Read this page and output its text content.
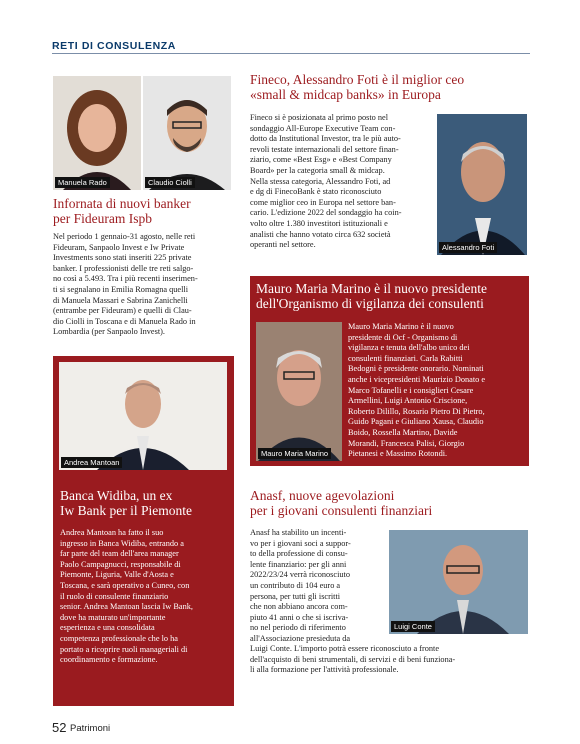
RETI DI CONSULENZA
Manuela Rado	Claudio Ciolli
Infornata di nuovi banker
per Fideuram Ispb
Nel periodo 1 gennaio-31 agosto, nelle reti
Fideuram, Sanpaolo Invest e Iw Private
Investments sono stati inseriti 225 private
banker. I professionisti delle tre reti salgo-
no così a 5.493. Tra i più recenti inserimen-
ti si segnalano in Emilia Romagna quelli
di Manuela Massari e Sabrina Zanichelli
(entrambe per Fideuram) e quelli di Clau-
dio Ciolli in Toscana e di Manuela Rado in
Lombardia (per Sanpaolo Invest).
Fineco, Alessandro Foti è il miglior ceo
«small & midcap banks» in Europa
Fineco si è posizionata al primo posto nel
sondaggio All-Europe Executive Team con-
dotto da Institutional Investor, tra le più auto-
revoli testate internazionali del settore finan-
ziario, come «Best Esg» e «Best Company
Board» per la categoria small & midcap.
Nella stessa categoria, Alessandro Foti, ad
e dg di FinecoBank è stato riconosciuto
come miglior ceo in Europa nel settore ban-
cario. L'edizione 2022 del sondaggio ha coin-
volto oltre 1.380 investitori istituzionali e
analisti che hanno votato circa 632 società
operanti nel settore.	Alessandro Foti
Mauro Maria Marino è il nuovo presidente
dell'Organismo di vigilanza dei consulenti
Mauro Maria Marino
Mauro Maria Marino è il nuovo
presidente di Ocf - Organismo di
vigilanza e tenuta dell'albo unico dei
consulenti finanziari. Carla Rabitti
Bedogni è presidente onorario. Nominati
anche i vicepresidenti Maurizio Donato e
Marco Tofanelli e i consiglieri Cesare
Armellini, Luigi Antonio Criscione,
Roberto Dilillo, Rosario Pietro Di Pietro,
Guido Pagani e Giuliano Xausa, Claudio
Boido, Rossella Martino, Davide
Morandi, Francesca Palisi, Giorgio
Pietanesi e Massimo Rotondi.
Andrea Mantoan
Banca Widiba, un ex
Iw Bank per il Piemonte
Andrea Mantoan ha fatto il suo
ingresso in Banca Widiba, entrando a
far parte del team dell'area manager
Paolo Campagnucci, responsabile di
Piemonte, Liguria, Valle d'Aosta e
Toscana, e sarà operativo a Cuneo, con
il ruolo di consulente finanziario
senior. Andrea Mantoan lascia Iw Bank,
dove ha maturato un'importante
esperienza e una consolidata
competenza professionale che lo ha
portato a ricoprire ruoli manageriali di
coordinamento e formazione.
Anasf, nuove agevolazioni
per i giovani consulenti finanziari
Anasf ha stabilito un incenti-
vo per i giovani soci a suppor-
to della professione di consu-
lente finanziario: per gli anni
2022/23/24 verrà riconosciuto
un contributo di 104 euro a
persona, per tutti gli iscritti
che non abbiano ancora com-
piuto 41 anni o che si iscriva-
no nel periodo di riferimento
all'Associazione presieduta da
Luigi Conte
Luigi Conte. L'importo potrà essere riconosciuto a fronte
dell'acquisto di beni strumentali, di servizi e di beni funziona-
li alla formazione per l'attività professionale.
52 Patrimoni
